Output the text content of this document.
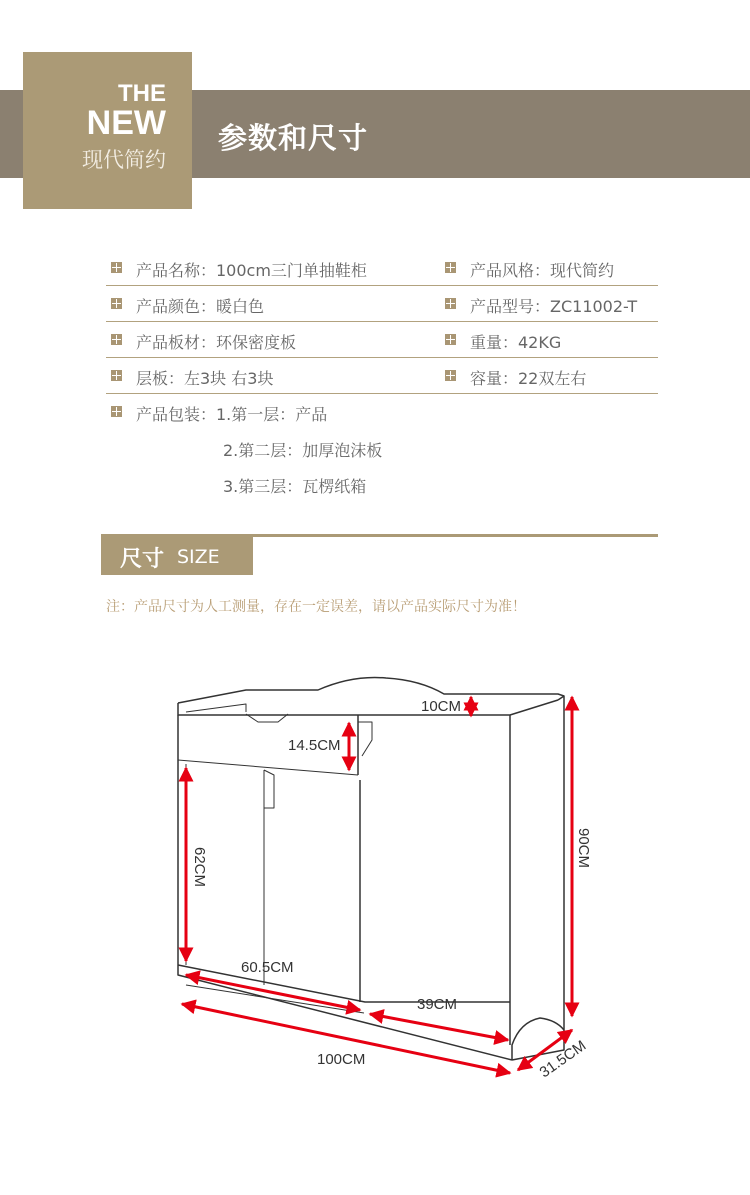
THE
NEW
现代简约
参数和尺寸
产品名称：100cm三门单抽鞋柜	产品风格：现代简约
产品颜色：暖白色	产品型号：ZC11002-T
产品板材：环保密度板	重量：42KG
层板：左3块 右3块	容量：22双左右
产品包装：1.第一层：产品
2.第二层：加厚泡沫板
3.第三层：瓦楞纸箱
尺寸 SIZE
注：产品尺寸为人工测量，存在一定误差，请以产品实际尺寸为准！
10CM
14.5CM
62CM	90CM
60.5CM
39CM
100CM	31.5CM
